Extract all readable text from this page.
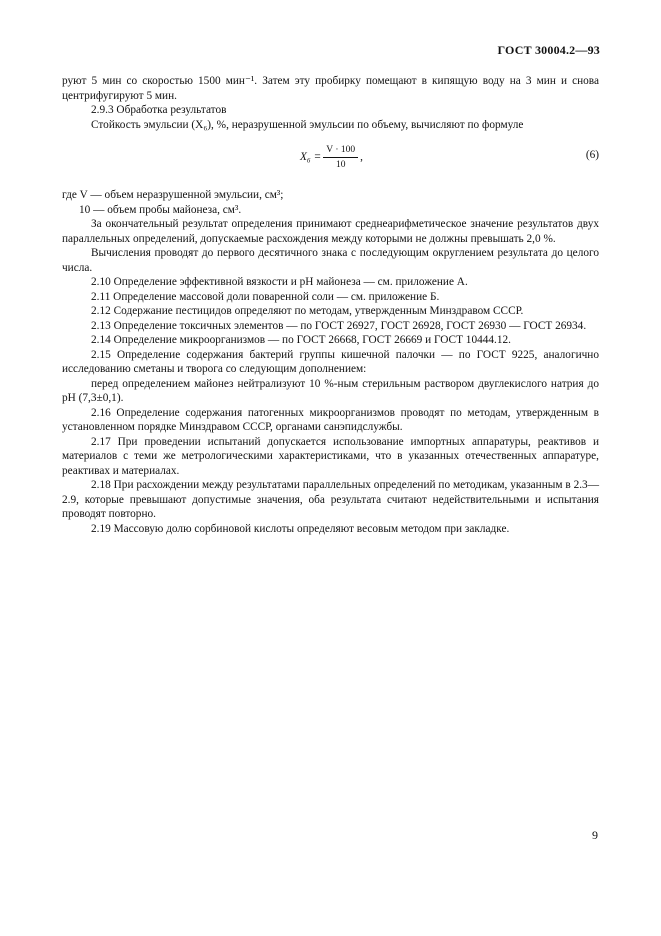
ГОСТ 30004.2—93

руют 5 мин со скоростью 1500 мин⁻¹. Затем эту пробирку помещают в кипящую воду на 3 мин и снова центрифугируют 5 мин.

2.9.3 Обработка результатов

Стойкость эмульсии (X₆), %, неразрушенной эмульсии по объему, вычисляют по формуле

$X_6 = \frac{V \cdot 100}{10}$ ,	(6)

где V — объем неразрушенной эмульсии, см³;

10 — объем пробы майонеза, см³.

За окончательный результат определения принимают среднеарифметическое значение результатов двух параллельных определений, допускаемые расхождения между которыми не должны превышать 2,0 %.

Вычисления проводят до первого десятичного знака с последующим округлением результата до целого числа.

2.10 Определение эффективной вязкости и pH майонеза — см. приложение А.

2.11 Определение массовой доли поваренной соли — см. приложение Б.

2.12 Содержание пестицидов определяют по методам, утвержденным Минздравом СССР.

2.13 Определение токсичных элементов — по ГОСТ 26927, ГОСТ 26928, ГОСТ 26930 — ГОСТ 26934.

2.14 Определение микроорганизмов — по ГОСТ 26668, ГОСТ 26669 и ГОСТ 10444.12.

2.15 Определение содержания бактерий группы кишечной палочки — по ГОСТ 9225, аналогично исследованию сметаны и творога со следующим дополнением:

перед определением майонез нейтрализуют 10 %-ным стерильным раствором двуглекислого натрия до pH (7,3±0,1).

2.16 Определение содержания патогенных микроорганизмов проводят по методам, утвержденным в установленном порядке Минздравом СССР, органами санэпидслужбы.

2.17 При проведении испытаний допускается использование импортных аппаратуры, реактивов и материалов с теми же метрологическими характеристиками, что в указанных отечественных аппаратуре, реактивах и материалах.

2.18 При расхождении между результатами параллельных определений по методикам, указанным в 2.3—2.9, которые превышают допустимые значения, оба результата считают недействительными и испытания проводят повторно.

2.19 Массовую долю сорбиновой кислоты определяют весовым методом при закладке.

9
